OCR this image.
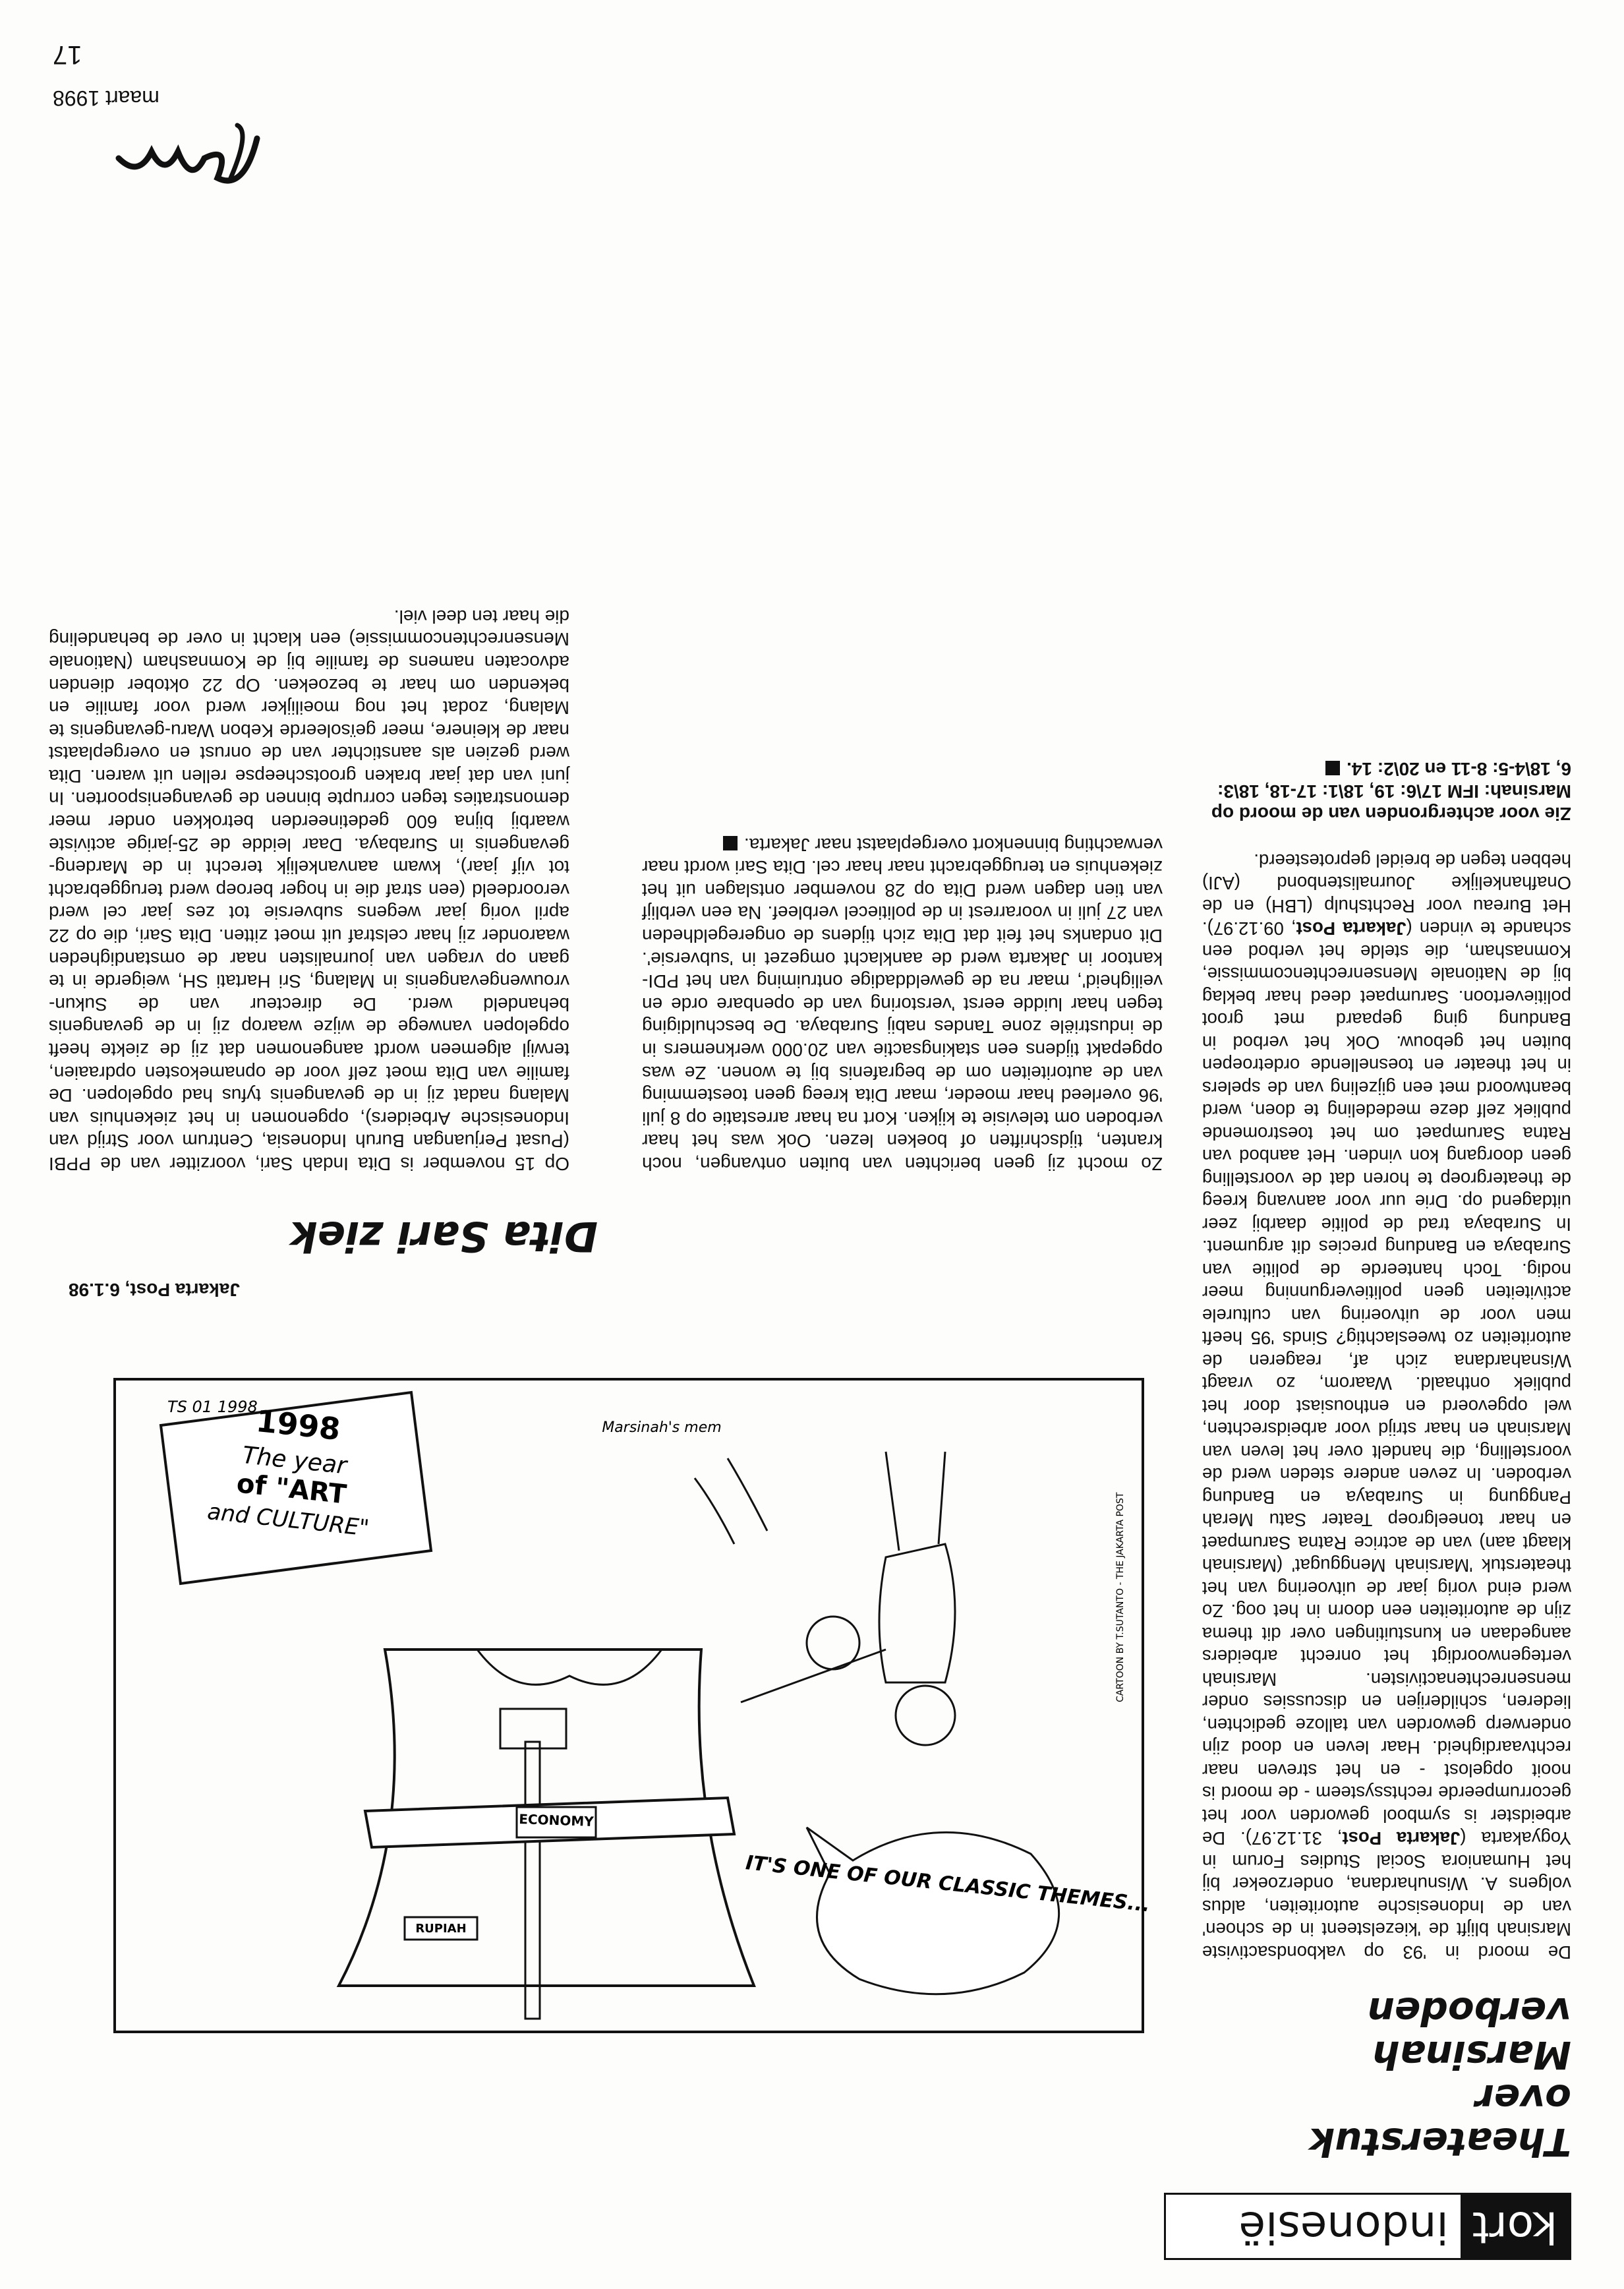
kort
indonesië
Theaterstuk over
Marsinah verboden

De moord in '93 op vakbondsactiviste Marsinah blijft de 'kiezelsteent in de schoen' van de Indonesische autoriteiten, aldus volgens A. Wisnuhardana, onderzoeker bij het Humaniora Social Studies Forum in Yogyakarta (Jakarta Post, 31.12.97). De arbeidster is symbool geworden voor het gecorrumpeerde rechtssysteem - de moord is nooit opgelost - en het streven naar rechtvaardigheid. Haar leven en dood zijn onderwerp geworden van talloze gedichten, liederen, schilderijen en discussies onder mensenrechtenactivisten. Marsinah vertegenwoordigt het onrecht arbeiders aangedaan en kunstuitingen over dit thema zijn de autoriteiten een doorn in het oog. Zo werd eind vorig jaar de uitvoering van het theaterstuk 'Marsinah Menggugat' (Marsinah klaagt aan) van de actrice Ratna Sarumpaet en haar toneelgroep Teater Satu Merah Panggung in Surabaya en Bandung verboden. In zeven andere steden werd de voorstelling, die handelt over het leven van Marsinah en haar strijd voor arbeidsrechten, wel opgevoerd en enthousiast door het publiek onthaald. Waarom, zo vraagt Wisnahardana zich af, reageren de autoriteiten zo tweeslachtig? Sinds '95 heeft men voor de uitvoering van culturele activiteiten geen politievergunning meer nodig. Toch hanteerde de politie van Surabaya en Bandung precies dit argument. In Surabaya trad de politie daarbij zeer uitdagend op. Drie uur voor aanvang kreeg de theatergroep te horen dat de voorstelling geen doorgang kon vinden. Het aanbod van Ratna Sarumpaet om het toestromende publiek zelf deze mededeling te doen, werd beantwoord met een gijzeling van de spelers in het theater en toesnellende ordetroepen buiten het gebouw. Ook het verbod in Bandung ging gepaard met groot politievertoon. Sarumpaet deed haar beklag bij de Nationale Mensenrechtencommissie, Komnasham, die stelde het verbod een schande te vinden (Jakarta Post, 09.12.97). Het Bureau voor Rechtshulp (LBH) en de Onafhankelijke Journalistenbond (AJI) hebben tegen de breidel geprotesteerd.

Zie voor achtergronden van de moord op Marsinah: IFM 17\6: 19, 18\1: 17-18, 18\3: 6, 18\4-5: 8-11 en 20\2: 14.

ECONOMY
RUPIAH
1998
The year
of "ART
and CULTURE"
IT'S ONE OF OUR CLASSIC THEMES...
Marsinah's mem
CARTOON BY T.SUTANTO - THE JAKARTA POST
TS 01 1998
Jakarta Post, 6.1.98
Dita Sari ziek

Op 15 november is Dita Indah Sari, voorzitter van de PPBI (Pusat Perjuangan Buruh Indonesia, Centrum voor Strijd van Indonesische Arbeiders), opgenomen in het ziekenhuis van Malang nadat zij in de gevangenis tyfus had opgelopen. De familie van Dita moet zelf voor de opnamekosten opdraaien, terwijl algemeen wordt aangenomen dat zij de ziekte heeft opgelopen vanwege de wijze waarop zij in de gevangenis behandeld werd. De directeur van de Sukun-vrouwengevangenis in Malang, Sri Hartati SH, weigerde in te gaan op vragen van journalisten naar de omstandigheden waaronder zij haar celstraf uit moet zitten. Dita Sari, die op 22 april vorig jaar wegens subversie tot zes jaar cel werd veroordeeld (een straf die in hoger beroep werd teruggebracht tot vijf jaar), kwam aanvankelijk terecht in de Mardeng-gevangenis in Surabaya. Daar leidde de 25-jarige activiste waarbij bijna 600 gedetineerden betrokken onder meer demonstraties tegen corrupte binnen de gevangenispoorten. In juni van dat jaar braken grootscheepse rellen uit waren. Dita werd gezien als aanstichter van de onrust en overgeplaatst naar de kleinere, meer geïsoleerde Kebon Waru-gevangenis te Malang, zodat het nog moeilijker werd voor familie en bekenden om haar te bezoeken. Op 22 oktober dienden advocaten namens de familie bij de Komnasham (Nationale Mensenrechtencommissie) een klacht in over de behandeling die haar ten deel viel.

Zo mocht zij geen berichten van buiten ontvangen, noch kranten, tijdschriften of boeken lezen. Ook was het haar verboden om televisie te kijken. Kort na haar arrestatie op 8 juli '96 overleed haar moeder, maar Dita kreeg geen toestemming van de autoriteiten om de begrafenis bij te wonen. Ze was opgepakt tijdens een stakingsactie van 20.000 werknemers in de industriële zone Tandes nabij Surabaya. De beschuldiging tegen haar luidde eerst 'verstoring van de openbare orde en veiligheid', maar na de gewelddadige ontruiming van het PDI-kantoor in Jakarta werd de aanklacht omgezet in 'subversie'. Dit ondanks het feit dat Dita zich tijdens de ongeregeldheden van 27 juli in voorarrest in de politiecel verbleef. Na een verblijf van tien dagen werd Dita op 28 november ontslagen uit het ziekenhuis en teruggebracht naar haar cel. Dita Sari wordt naar verwachting binnenkort overgeplaatst naar Jakarta.

maart 1998
17
